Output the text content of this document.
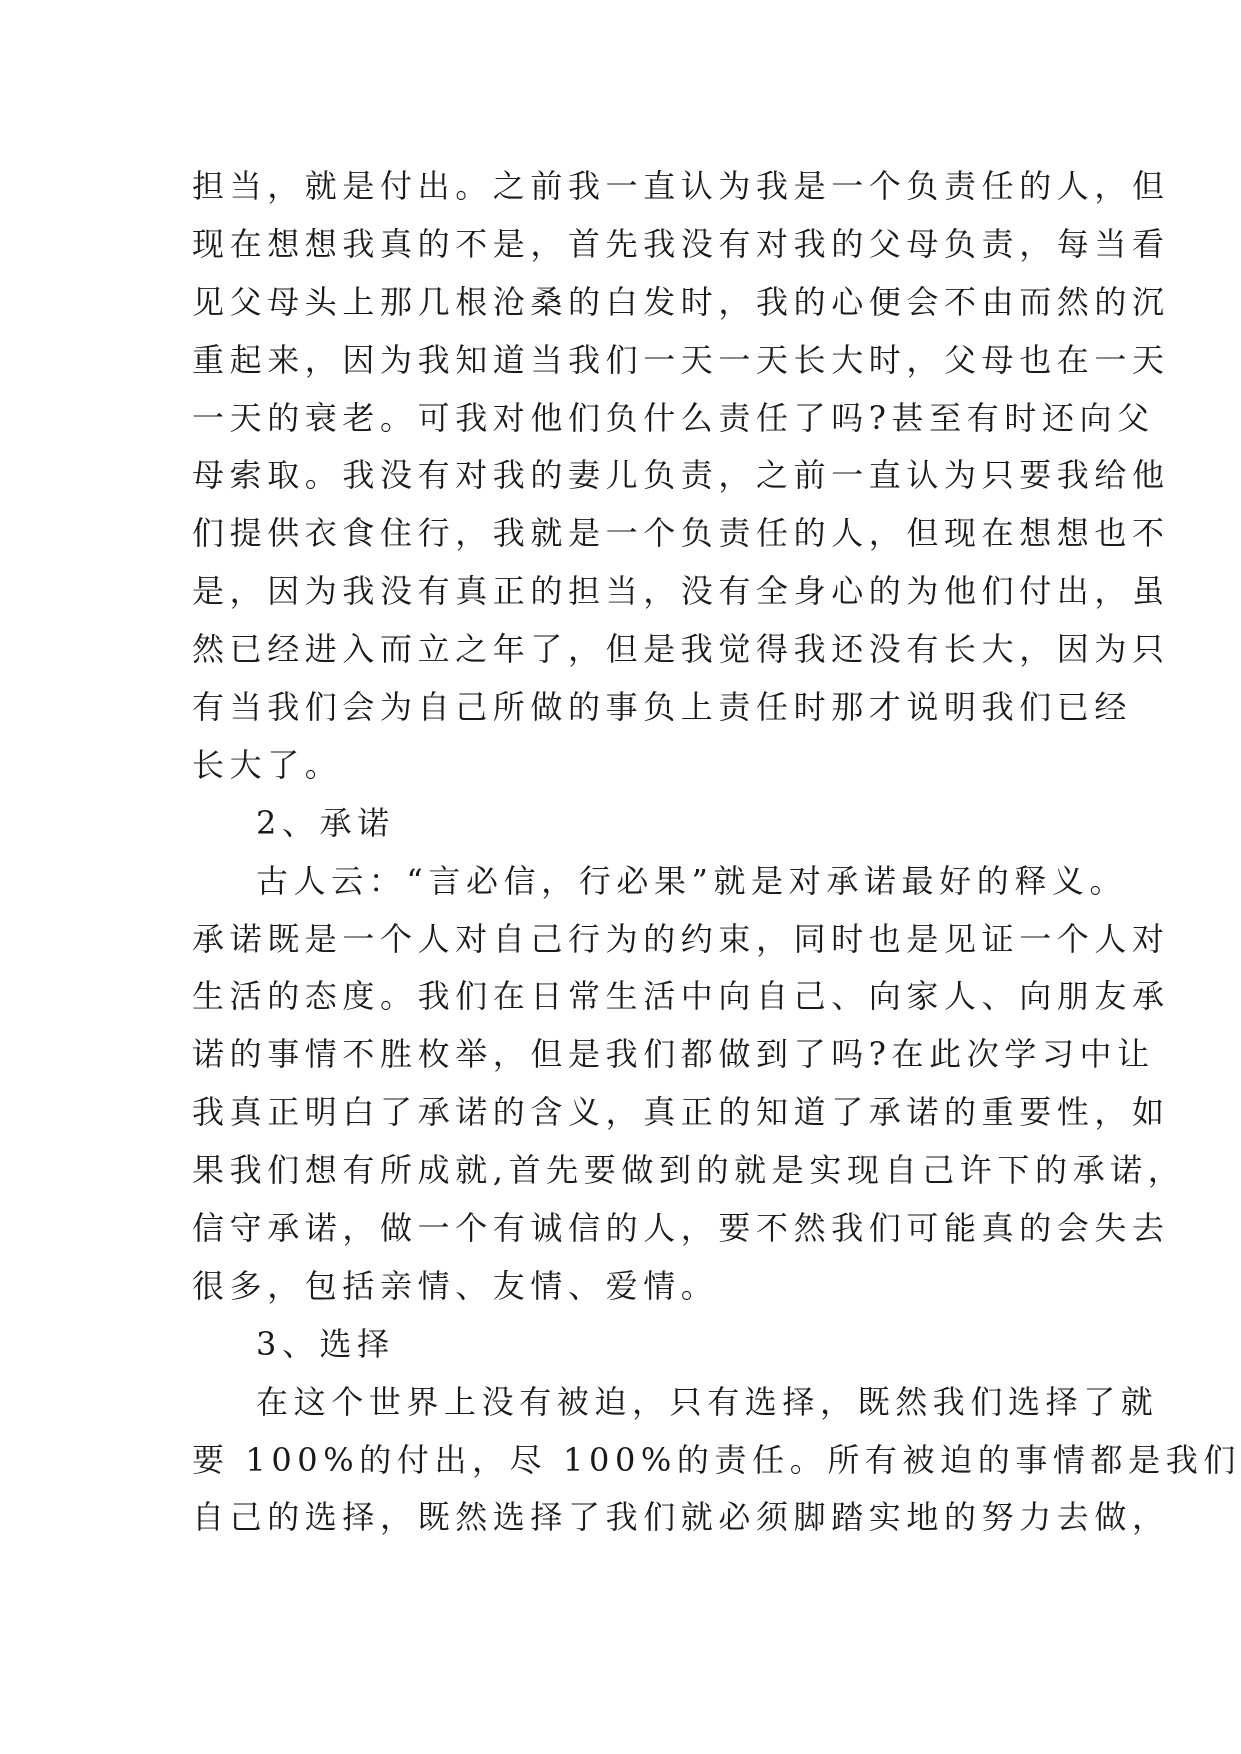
担当，就是付出。之前我一直认为我是一个负责任的人，但
现在想想我真的不是，首先我没有对我的父母负责，每当看
见父母头上那几根沧桑的白发时，我的心便会不由而然的沉
重起来，因为我知道当我们一天一天长大时，父母也在一天
一天的衰老。可我对他们负什么责任了吗?甚至有时还向父
母索取。我没有对我的妻儿负责，之前一直认为只要我给他
们提供衣食住行，我就是一个负责任的人，但现在想想也不
是，因为我没有真正的担当，没有全身心的为他们付出，虽
然已经进入而立之年了，但是我觉得我还没有长大，因为只
有当我们会为自己所做的事负上责任时那才说明我们已经
长大了。
2、承诺
古人云：“言必信，行必果”就是对承诺最好的释义。
承诺既是一个人对自己行为的约束，同时也是见证一个人对
生活的态度。我们在日常生活中向自己、向家人、向朋友承
诺的事情不胜枚举，但是我们都做到了吗?在此次学习中让
我真正明白了承诺的含义，真正的知道了承诺的重要性，如
果我们想有所成就,首先要做到的就是实现自己许下的承诺，
信守承诺，做一个有诚信的人，要不然我们可能真的会失去
很多，包括亲情、友情、爱情。
3、选择
在这个世界上没有被迫，只有选择，既然我们选择了就
要 100%的付出，尽 100%的责任。所有被迫的事情都是我们
自己的选择，既然选择了我们就必须脚踏实地的努力去做，
